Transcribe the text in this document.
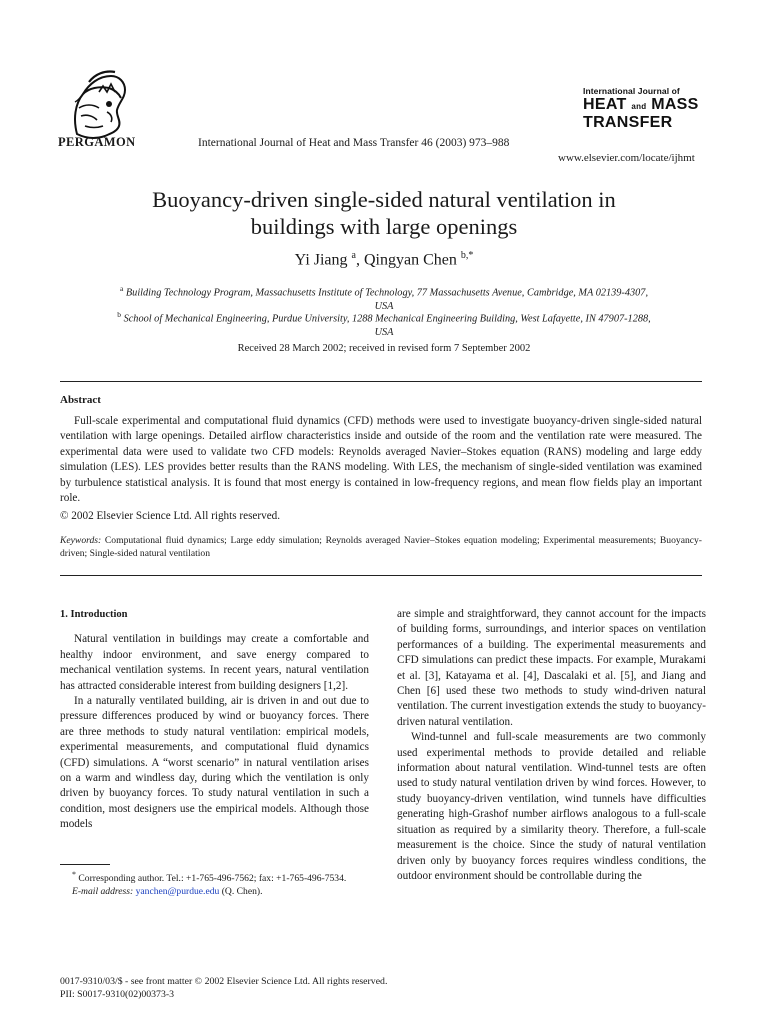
PERGAMON	International Journal of Heat and Mass Transfer 46 (2003) 973–988
International Journal of
HEAT and MASS
TRANSFER
www.elsevier.com/locate/ijhmt
Buoyancy-driven single-sided natural ventilation in
buildings with large openings
Yi Jiang $^a$, Qingyan Chen $^{b,*}$
$^a$ Building Technology Program, Massachusetts Institute of Technology, 77 Massachusetts Avenue, Cambridge, MA 02139-4307, USA
$^b$ School of Mechanical Engineering, Purdue University, 1288 Mechanical Engineering Building, West Lafayette, IN 47907-1288, USA
Received 28 March 2002; received in revised form 7 September 2002
Abstract
Full-scale experimental and computational fluid dynamics (CFD) methods were used to investigate buoyancy-driven single-sided natural ventilation with large openings. Detailed airflow characteristics inside and outside of the room and the ventilation rate were measured. The experimental data were used to validate two CFD models: Reynolds averaged Navier–Stokes equation (RANS) modeling and large eddy simulation (LES). LES provides better results than the RANS modeling. With LES, the mechanism of single-sided ventilation was examined by turbulence statistical analysis. It is found that most energy is contained in low-frequency regions, and mean flow fields play an important role.
© 2002 Elsevier Science Ltd. All rights reserved.
Keywords: Computational fluid dynamics; Large eddy simulation; Reynolds averaged Navier–Stokes equation modeling; Experimental measurements; Buoyancy-driven; Single-sided natural ventilation
1. Introduction

Natural ventilation in buildings may create a comfortable and healthy indoor environment, and save energy compared to mechanical ventilation systems. In recent years, natural ventilation has attracted considerable interest from building designers [1,2].

In a naturally ventilated building, air is driven in and out due to pressure differences produced by wind or buoyancy forces. There are three methods to study natural ventilation: empirical models, experimental measurements, and computational fluid dynamics (CFD) simulations. A “worst scenario” in natural ventilation arises on a warm and windless day, during which the ventilation is only driven by buoyancy forces. To study natural ventilation in such a condition, most designers use the empirical models. Although those models

are simple and straightforward, they cannot account for the impacts of building forms, surroundings, and interior spaces on ventilation performances of a building. The experimental measurements and CFD simulations can predict these impacts. For example, Murakami et al. [3], Katayama et al. [4], Dascalaki et al. [5], and Jiang and Chen [6] used these two methods to study wind-driven natural ventilation. The current investigation extends the study to buoyancy-driven natural ventilation.

Wind-tunnel and full-scale measurements are two commonly used experimental methods to provide detailed and reliable information about natural ventilation. Wind-tunnel tests are often used to study natural ventilation driven by wind forces. However, to study buoyancy-driven ventilation, wind tunnels have difficulties generating high-Grashof number airflows analogous to a full-scale situation as required by a similarity theory. Therefore, a full-scale measurement is the choice. Since the study of natural ventilation driven only by buoyancy forces requires windless conditions, the outdoor environment should be controllable during the

* Corresponding author. Tel.: +1-765-496-7562; fax: +1-765-496-7534.

E-mail address: yanchen@purdue.edu (Q. Chen).

0017-9310/03/$ - see front matter © 2002 Elsevier Science Ltd. All rights reserved.
PII: S0017-9310(02)00373-3
